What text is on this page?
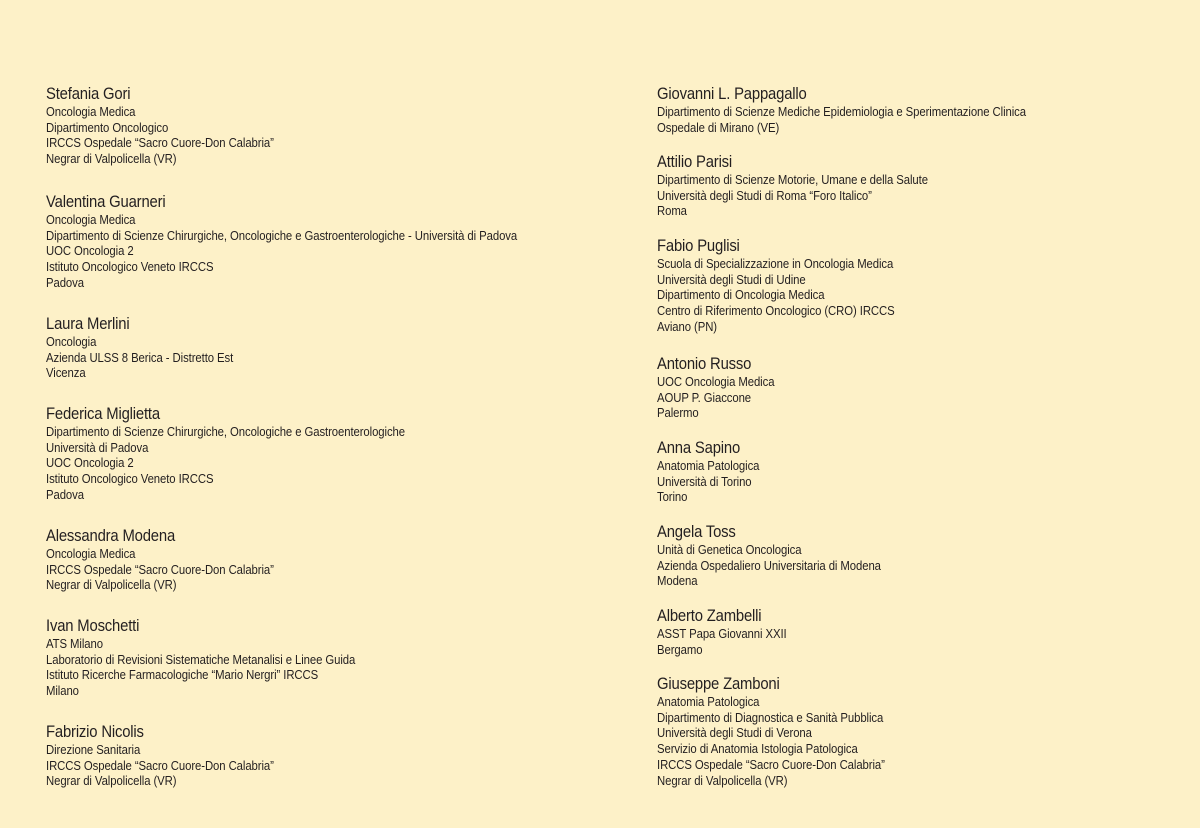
Stefania Gori
Oncologia Medica
Dipartimento Oncologico
IRCCS Ospedale “Sacro Cuore-Don Calabria”
Negrar di Valpolicella (VR)
Valentina Guarneri
Oncologia Medica
Dipartimento di Scienze Chirurgiche, Oncologiche e Gastroenterologiche - Università di Padova
UOC Oncologia 2
Istituto Oncologico Veneto IRCCS
Padova
Laura Merlini
Oncologia
Azienda ULSS 8 Berica - Distretto Est
Vicenza
Federica Miglietta
Dipartimento di Scienze Chirurgiche, Oncologiche e Gastroenterologiche
Università di Padova
UOC Oncologia 2
Istituto Oncologico Veneto IRCCS
Padova
Alessandra Modena
Oncologia Medica
IRCCS Ospedale “Sacro Cuore-Don Calabria”
Negrar di Valpolicella (VR)
Ivan Moschetti
ATS Milano
Laboratorio di Revisioni Sistematiche Metanalisi e Linee Guida
Istituto Ricerche Farmacologiche “Mario Nergri” IRCCS
Milano
Fabrizio Nicolis
Direzione Sanitaria
IRCCS Ospedale “Sacro Cuore-Don Calabria”
Negrar di Valpolicella (VR)
Giovanni L. Pappagallo
Dipartimento di Scienze Mediche Epidemiologia e Sperimentazione Clinica
Ospedale di Mirano (VE)
Attilio Parisi
Dipartimento di Scienze Motorie, Umane e della Salute
Università degli Studi di Roma “Foro Italico”
Roma
Fabio Puglisi
Scuola di Specializzazione in Oncologia Medica
Università degli Studi di Udine
Dipartimento di Oncologia Medica
Centro di Riferimento Oncologico (CRO) IRCCS
Aviano (PN)
Antonio Russo
UOC Oncologia Medica
AOUP P. Giaccone
Palermo
Anna Sapino
Anatomia Patologica
Università di Torino
Torino
Angela Toss
Unità di Genetica Oncologica
Azienda Ospedaliero Universitaria di Modena
Modena
Alberto Zambelli
ASST Papa Giovanni XXII
Bergamo
Giuseppe Zamboni
Anatomia Patologica
Dipartimento di Diagnostica e Sanità Pubblica
Università degli Studi di Verona
Servizio di Anatomia Istologia Patologica
IRCCS Ospedale “Sacro Cuore-Don Calabria”
Negrar di Valpolicella (VR)
